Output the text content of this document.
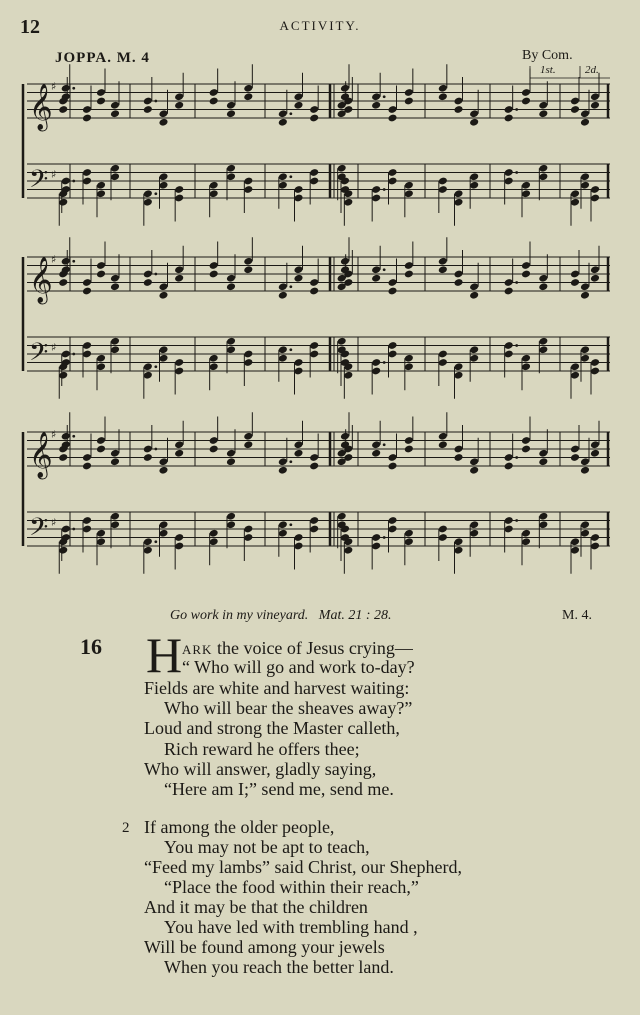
12	ACTIVITY.
JOPPA. M. 4	By Com.
1st.	2d.
𝄞
♯
𝄢 ♯
𝄞
♯
𝄢 ♯
𝄞
♯
𝄢 ♯
Go work in my vineyard. Mat. 21 : 28.	M. 4.
16 H ARK the voice of Jesus crying—
“ Who will go and work to-day?
Fields are white and harvest waiting:
Who will bear the sheaves away?”
Loud and strong the Master calleth,
Rich reward he offers thee;
Who will answer, gladly saying,
“Here am I;” send me, send me.
2 If among the older people,
You may not be apt to teach,
“Feed my lambs” said Christ, our Shepherd,
“Place the food within their reach,”
And it may be that the children
You have led with trembling hand ,
Will be found among your jewels
When you reach the better land.
